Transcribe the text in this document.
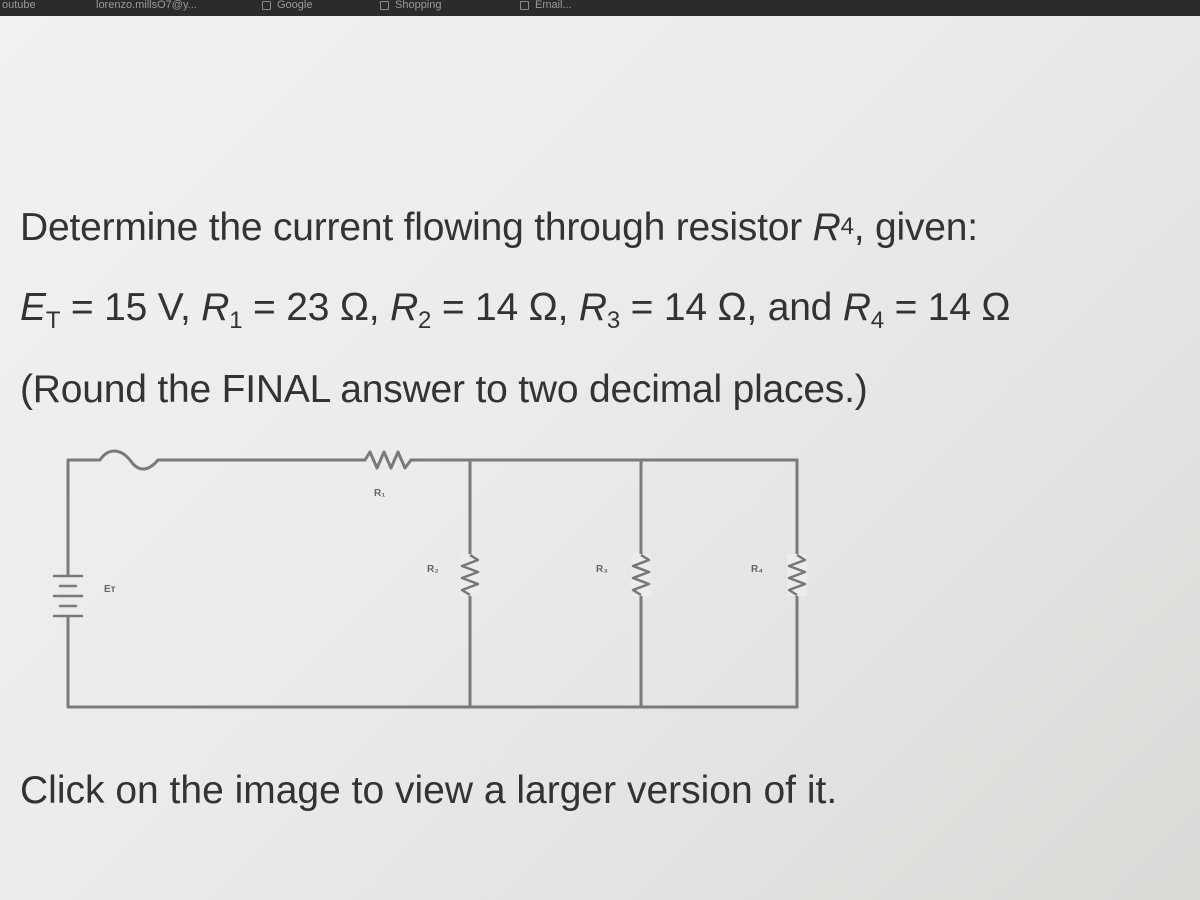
outube	lorenzo.millsO7@y...	Google	Shopping	Email...
Determine the current flowing through resistor $R_4$, given:
$E_T = 15$ V, $R_1 = 23$ Ω, $R_2 = 14$ Ω, $R_3 = 14$ Ω, and $R_4 = 14$ Ω
(Round the FINAL answer to two decimal places.)
R₁
R₂	R₃	R₄
Eᴛ
Click on the image to view a larger version of it.
